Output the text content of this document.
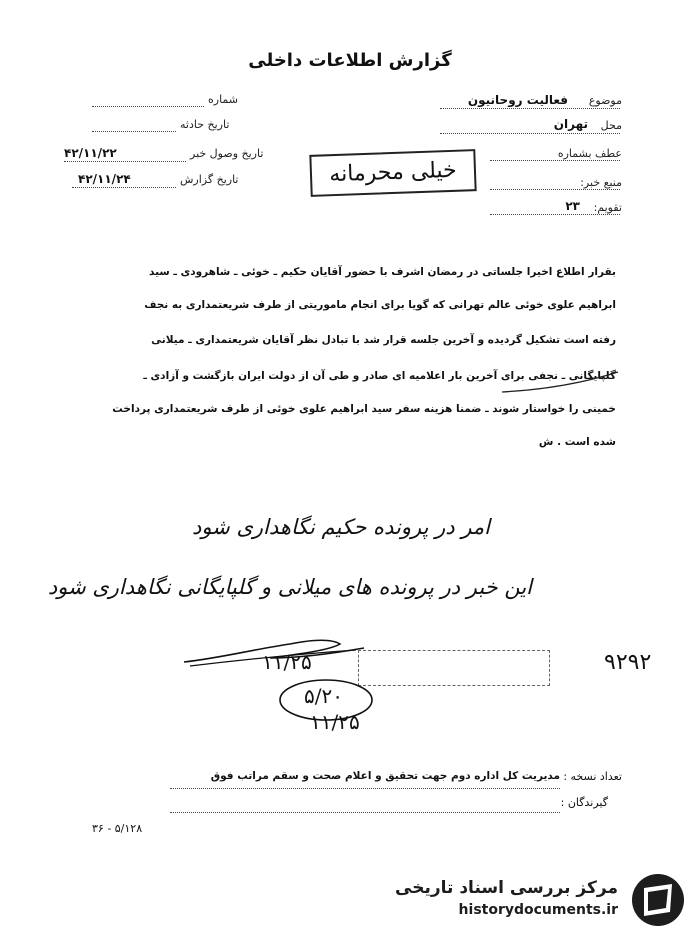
گزارش اطلاعات داخلی
موضوع
فعالیت روحانیون
محل
تهران
عطف بشماره
منبع خبر:
تقویم:
۲۳
شماره
تاریخ حادثه
تاریخ وصول خبر
۴۲/۱۱/۲۲
تاریخ گزارش
۴۲/۱۱/۲۴	خیلی محرمانه
بقرار اطلاع اخیرا جلساتی در رمضان اشرف با حضور آقایان حکیم ـ خوئی ـ شاهرودی ـ سید
ابراهیم علوی خوئی عالم تهرانی که گویا برای انجام ماموریتی از طرف شریعتمداری به نجف
رفته است تشکیل گردیده و آخرین جلسه قرار شد با تبادل نظر آقایان شریعتمداری ـ میلانی
گلپایگانی ـ نجفی برای آخرین بار اعلامیه ای صادر و طی آن از دولت ایران بازگشت و آزادی ـ
خمینی را خواستار شوند ـ ضمنا هزینه سفر سید ابراهیم علوی خوئی از طرف شریعتمداری پرداخت
شده است . ش
امر در پرونده حکیم نگاهداری شود
این خبر در پرونده های میلانی و گلپایگانی نگاهداری شود
۱۱/۲۵
۵/۲۰
۱۱/۲۵
۹۲۹۲
تعداد نسخه :
مدیریت کل اداره دوم جهت تحقیق و اعلام صحت و سقم مراتب فوق
گیرندگان :
۳۶ - ۵/۱۲۸
مرکز بررسی اسناد تاریخی
historydocuments.ir
